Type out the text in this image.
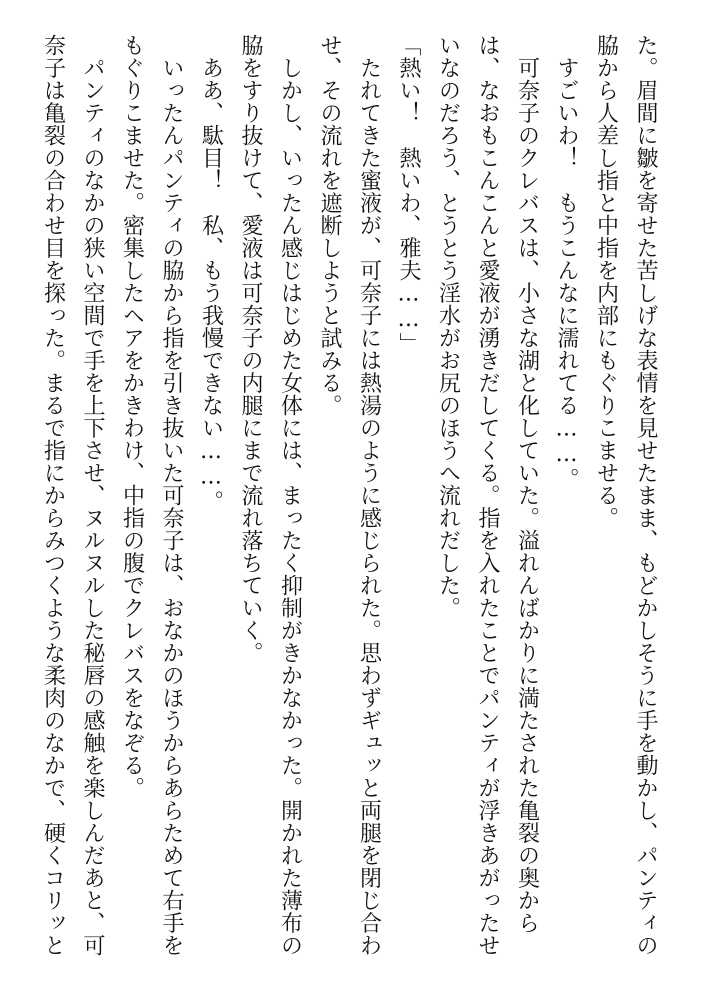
た。眉間に皺を寄せた苦しげな表情を見せたまま、もどかしそうに手を動かし、パンティの
脇から人差し指と中指を内部にもぐりこませる。
　すごいわ！　もうこんなに濡れてる……。
　可奈子のクレバスは、小さな湖と化していた。溢れんばかりに満たされた亀裂の奥から
は、なおもこんこんと愛液が湧きだしてくる。指を入れたことでパンティが浮きあがったせ
いなのだろう、とうとう淫水がお尻のほうへ流れだした。
「熱い！　熱いわ、雅夫……」
　たれてきた蜜液が、可奈子には熱湯のように感じられた。思わずギュッと両腿を閉じ合わ
せ、その流れを遮断しようと試みる。
　しかし、いったん感じはじめた女体には、まったく抑制がきかなかった。開かれた薄布の
脇をすり抜けて、愛液は可奈子の内腿にまで流れ落ちていく。
　ああ、駄目！　私、もう我慢できない……。
　いったんパンティの脇から指を引き抜いた可奈子は、おなかのほうからあらためて右手を
もぐりこませた。密集したヘアをかきわけ、中指の腹でクレバスをなぞる。
　パンティのなかの狭い空間で手を上下させ、ヌルヌルした秘唇の感触を楽しんだあと、可
奈子は亀裂の合わせ目を探った。まるで指にからみつくような柔肉のなかで、硬くコリッと
